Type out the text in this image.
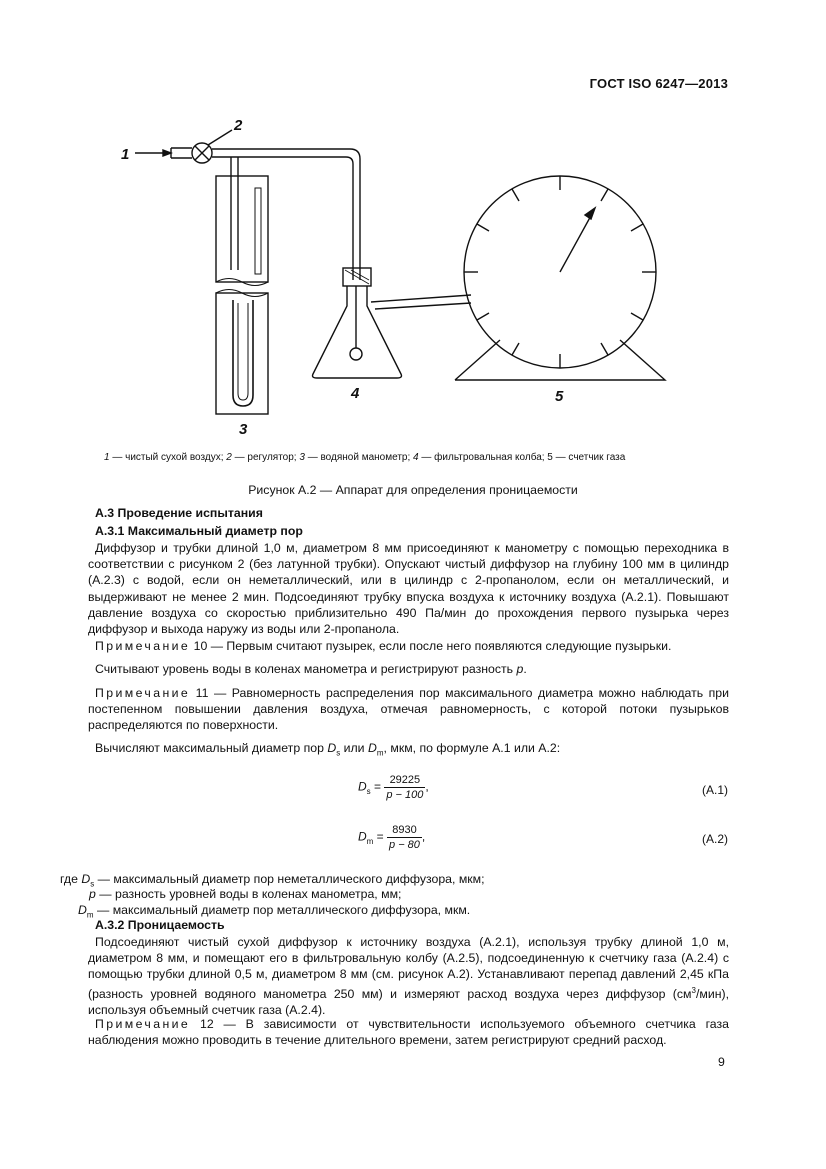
ГОСТ ISO 6247—2013
1
2
3
4	5
1 — чистый сухой воздух; 2 — регулятор; 3 — водяной манометр; 4 — фильтровальная колба; 5 — счетчик газа
Рисунок А.2 — Аппарат для определения проницаемости
А.3 Проведение испытания
А.3.1 Максимальный диаметр пор
Диффузор и трубки длиной 1,0 м, диаметром 8 мм присоединяют к манометру с помощью переходника в соответствии с рисунком 2 (без латунной трубки). Опускают чистый диффузор на глубину 100 мм в цилиндр (А.2.3) с водой, если он неметаллический, или в цилиндр с 2-пропанолом, если он металлический, и выдерживают не менее 2 мин. Подсоединяют трубку впуска воздуха к источнику воздуха (А.2.1). Повышают давление воздуха со скоростью приблизительно 490 Па/мин до прохождения первого пузырька через диффузор и выхода наружу из воды или 2-пропанола.
Примечание 10 — Первым считают пузырек, если после него появляются следующие пузырьки.
Считывают уровень воды в коленах манометра и регистрируют разность p.
Примечание 11 — Равномерность распределения пор максимального диаметра можно наблюдать при постепенном повышении давления воздуха, отмечая равномерность, с которой потоки пузырьков распределяются по поверхности.
Вычисляют максимальный диаметр пор $D_s$ или $D_m$, мкм, по формуле А.1 или А.2:
$D_s = \frac{29225}{p - 100}$ ,	(А.1)
$D_m = \frac{8930}{p - 80}$ ,	(А.2)
где $D_s$ — максимальный диаметр пор неметаллического диффузора, мкм;
p — разность уровней воды в коленах манометра, мм;
$D_m$ — максимальный диаметр пор металлического диффузора, мкм.
А.3.2 Проницаемость
Подсоединяют чистый сухой диффузор к источнику воздуха (А.2.1), используя трубку длиной 1,0 м, диаметром 8 мм, и помещают его в фильтровальную колбу (А.2.5), подсоединенную к счетчику газа (А.2.4) с помощью трубки длиной 0,5 м, диаметром 8 мм (см. рисунок А.2). Устанавливают перепад давлений 2,45 кПа (разность уровней водяного манометра 250 мм) и измеряют расход воздуха через диффузор $(см^3/мин)$, используя объемный счетчик газа (А.2.4).
Примечание 12 — В зависимости от чувствительности используемого объемного счетчика газа наблюдения можно проводить в течение длительного времени, затем регистрируют средний расход.
9
